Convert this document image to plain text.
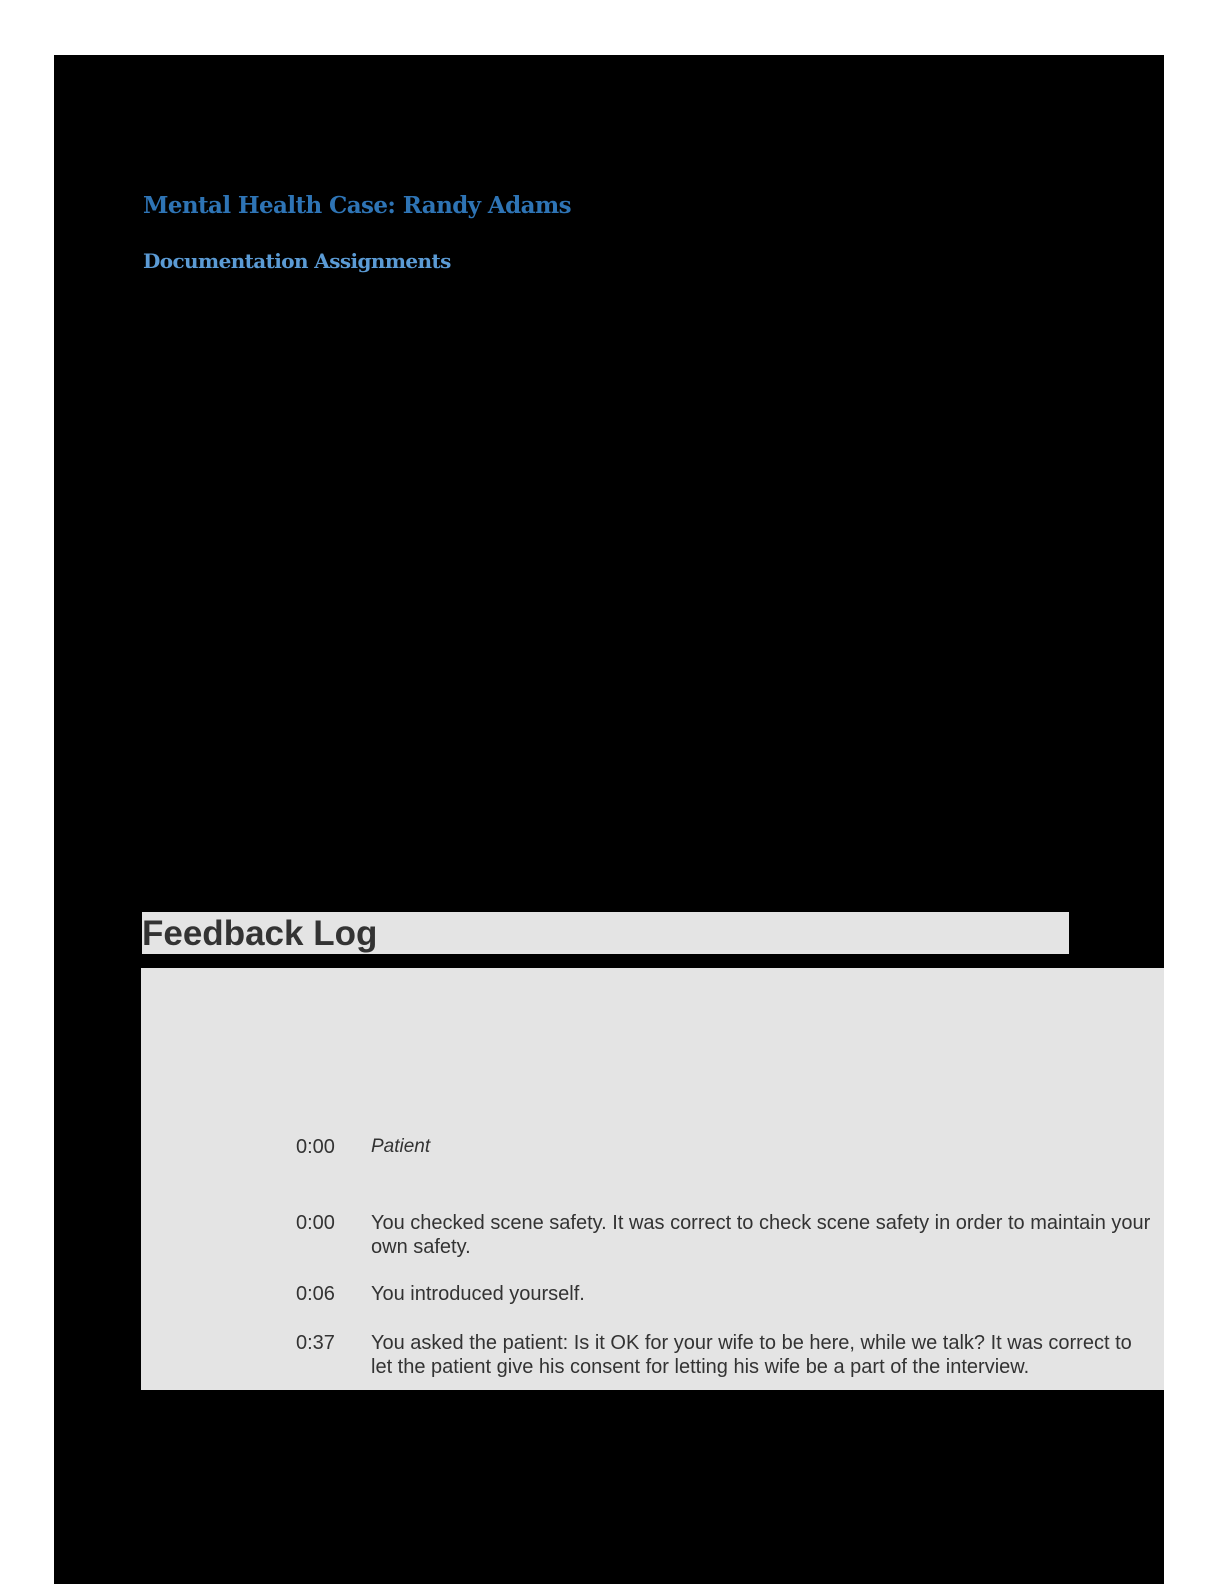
Mental Health Case: Randy Adams
Documentation Assignments
Feedback Log
0:00 Patient
0:00 You checked scene safety. It was correct to check scene safety in order to maintain your own safety.
0:06 You introduced yourself.
0:37 You asked the patient: Is it OK for your wife to be here, while we talk? It was correct to let the patient give his consent for letting his wife be a part of the interview.
